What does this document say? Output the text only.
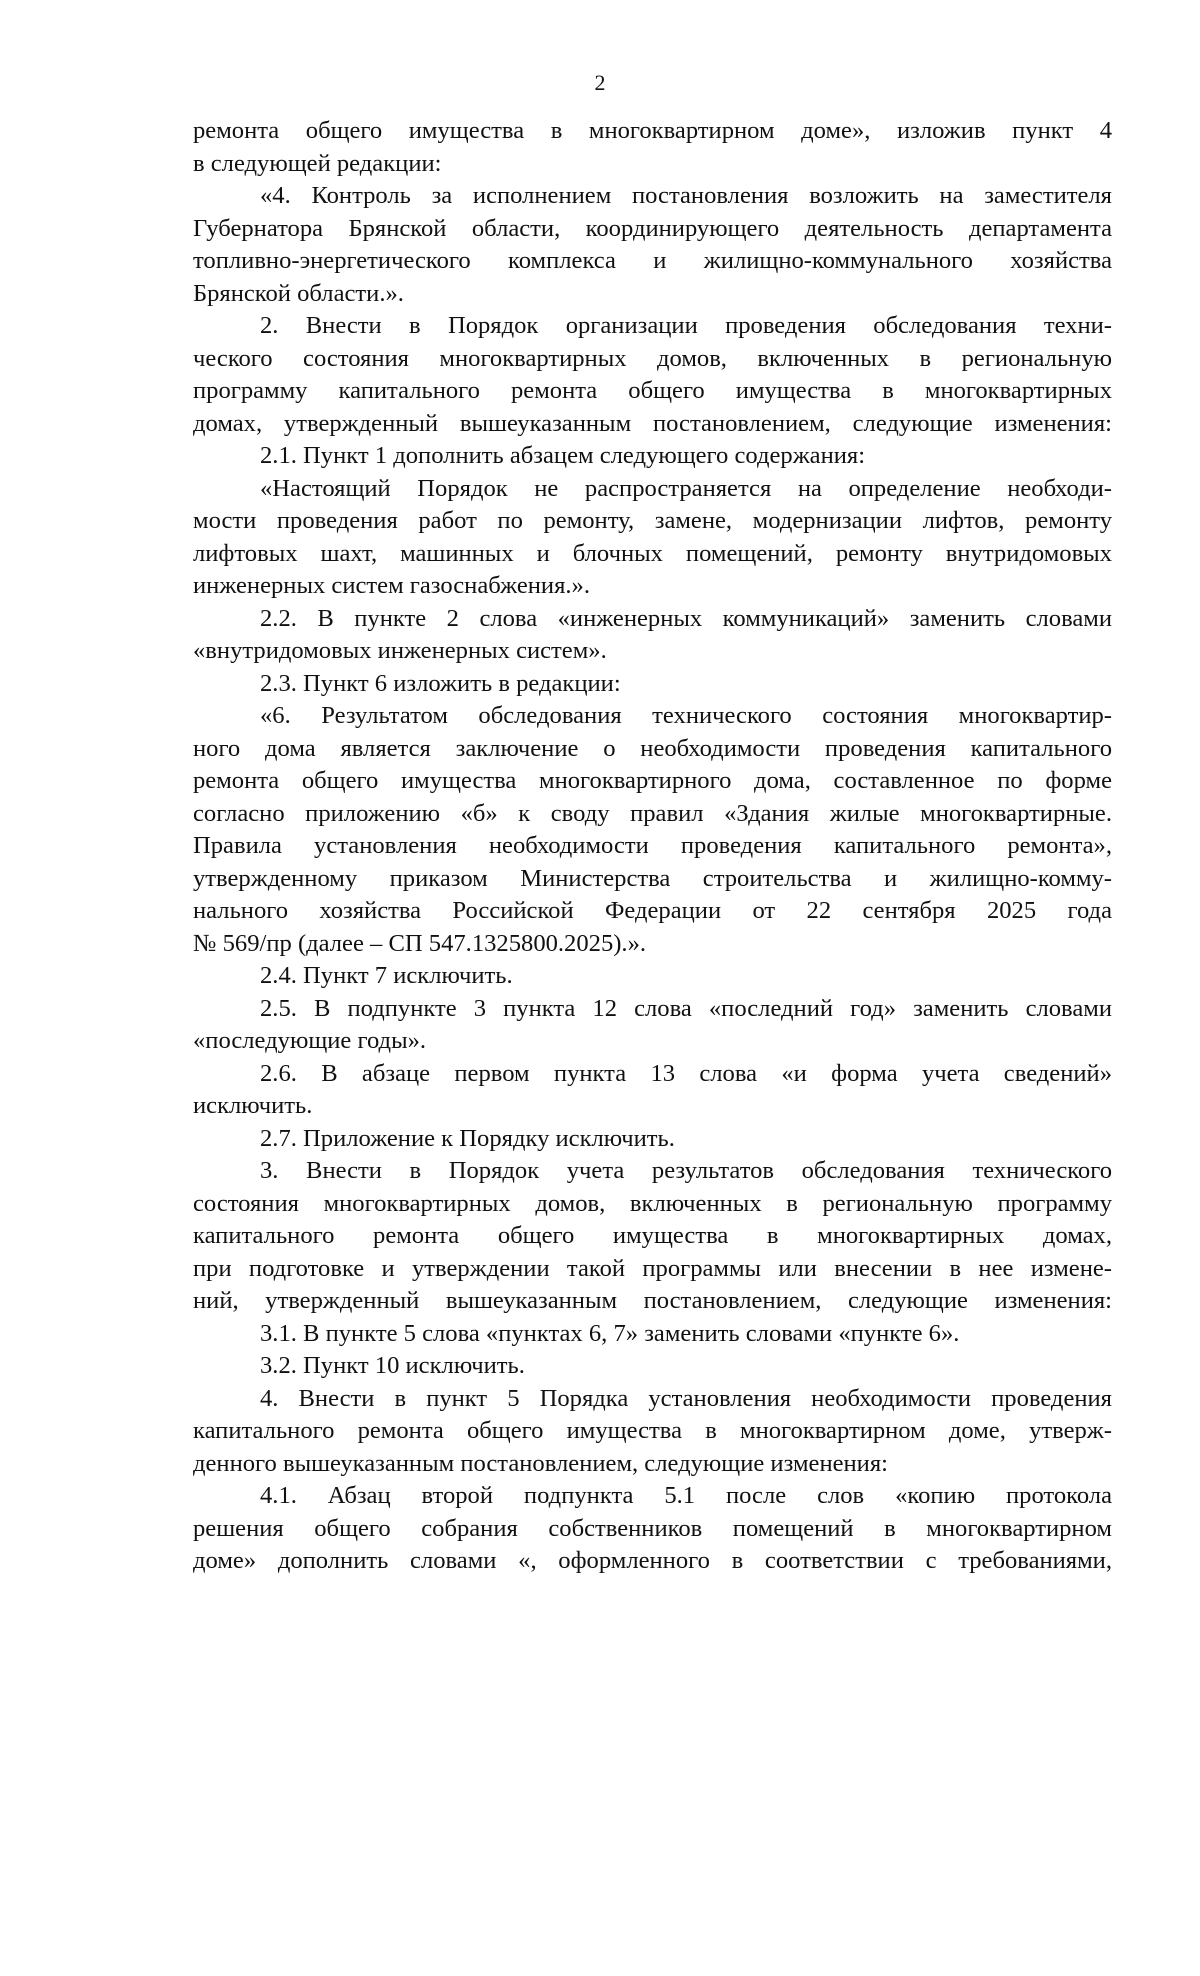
2
ремонта общего имущества в многоквартирном доме», изложив пункт 4
в следующей редакции:
«4. Контроль за исполнением постановления возложить на заместителя
Губернатора Брянской области, координирующего деятельность департамента
топливно-энергетического комплекса и жилищно-коммунального хозяйства
Брянской области.».
2. Внести в Порядок организации проведения обследования техни-
ческого состояния многоквартирных домов, включенных в региональную
программу капитального ремонта общего имущества в многоквартирных
домах, утвержденный вышеуказанным постановлением, следующие изменения:
2.1. Пункт 1 дополнить абзацем следующего содержания:
«Настоящий Порядок не распространяется на определение необходи-
мости проведения работ по ремонту, замене, модернизации лифтов, ремонту
лифтовых шахт, машинных и блочных помещений, ремонту внутридомовых
инженерных систем газоснабжения.».
2.2. В пункте 2 слова «инженерных коммуникаций» заменить словами
«внутридомовых инженерных систем».
2.3. Пункт 6 изложить в редакции:
«6. Результатом обследования технического состояния многоквартир-
ного дома является заключение о необходимости проведения капитального
ремонта общего имущества многоквартирного дома, составленное по форме
согласно приложению «б» к своду правил «Здания жилые многоквартирные.
Правила установления необходимости проведения капитального ремонта»,
утвержденному приказом Министерства строительства и жилищно-комму-
нального хозяйства Российской Федерации от 22 сентября 2025 года
№ 569/пр (далее – СП 547.1325800.2025).».
2.4. Пункт 7 исключить.
2.5. В подпункте 3 пункта 12 слова «последний год» заменить словами
«последующие годы».
2.6. В абзаце первом пункта 13 слова «и форма учета сведений»
исключить.
2.7. Приложение к Порядку исключить.
3. Внести в Порядок учета результатов обследования технического
состояния многоквартирных домов, включенных в региональную программу
капитального ремонта общего имущества в многоквартирных домах,
при подготовке и утверждении такой программы или внесении в нее измене-
ний, утвержденный вышеуказанным постановлением, следующие изменения:
3.1. В пункте 5 слова «пунктах 6, 7» заменить словами «пункте 6».
3.2. Пункт 10 исключить.
4. Внести в пункт 5 Порядка установления необходимости проведения
капитального ремонта общего имущества в многоквартирном доме, утверж-
денного вышеуказанным постановлением, следующие изменения:
4.1. Абзац второй подпункта 5.1 после слов «копию протокола
решения общего собрания собственников помещений в многоквартирном
доме» дополнить словами «, оформленного в соответствии с требованиями,
